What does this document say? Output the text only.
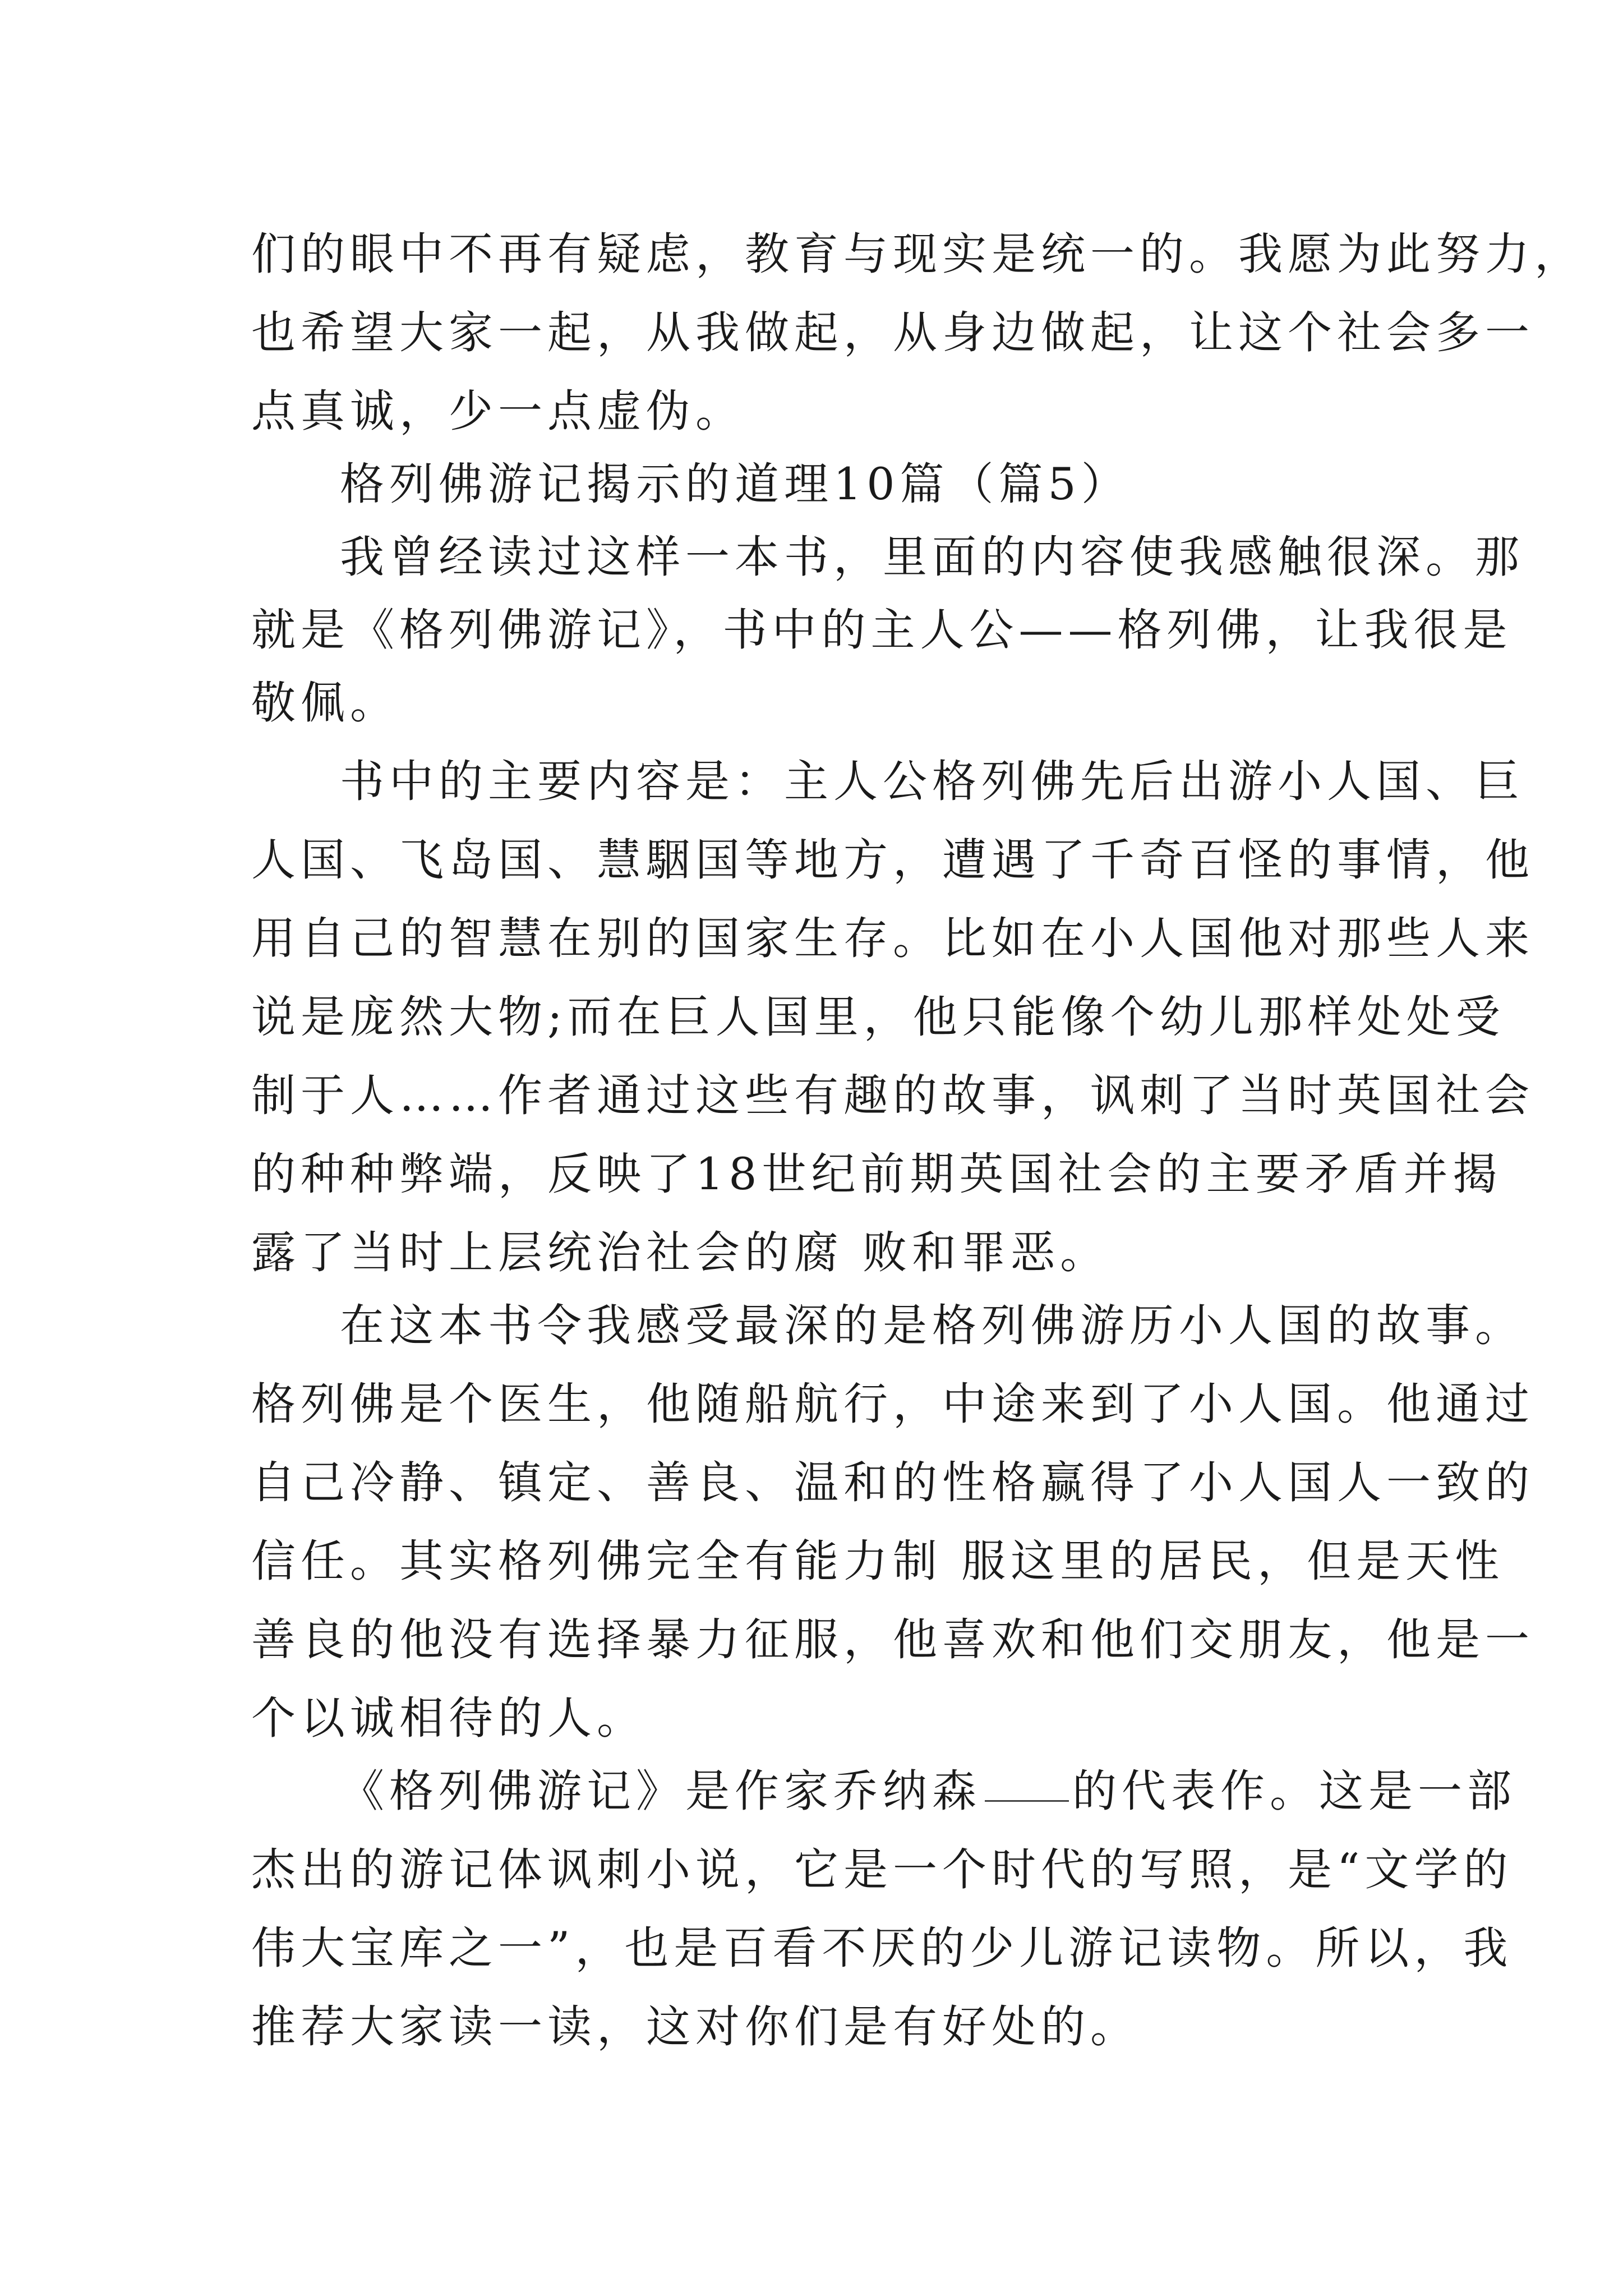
们的眼中不再有疑虑，教育与现实是统一的。我愿为此努力，
也希望大家一起，从我做起，从身边做起，让这个社会多一
点真诚，少一点虚伪。
格列佛游记揭示的道理10篇（篇5）
我曾经读过这样一本书，里面的内容使我感触很深。那
就是《格列佛游记》，书中的主人公——格列佛，让我很是
敬佩。
书中的主要内容是：主人公格列佛先后出游小人国、巨
人国、飞岛国、慧駰国等地方，遭遇了千奇百怪的事情，他
用自己的智慧在别的国家生存。比如在小人国他对那些人来
说是庞然大物;而在巨人国里，他只能像个幼儿那样处处受
制于人……作者通过这些有趣的故事，讽刺了当时英国社会
的种种弊端，反映了18世纪前期英国社会的主要矛盾并揭
露了当时上层统治社会的腐 败和罪恶。
在这本书令我感受最深的是格列佛游历小人国的故事。
格列佛是个医生，他随船航行，中途来到了小人国。他通过
自己冷静、镇定、善良、温和的性格赢得了小人国人一致的
信任。其实格列佛完全有能力制 服这里的居民，但是天性
善良的他没有选择暴力征服，他喜欢和他们交朋友，他是一
个以诚相待的人。
《格列佛游记》是作家乔纳森 的代表作。这是一部
杰出的游记体讽刺小说，它是一个时代的写照，是“文学的
伟大宝库之一”，也是百看不厌的少儿游记读物。所以，我
推荐大家读一读，这对你们是有好处的。
